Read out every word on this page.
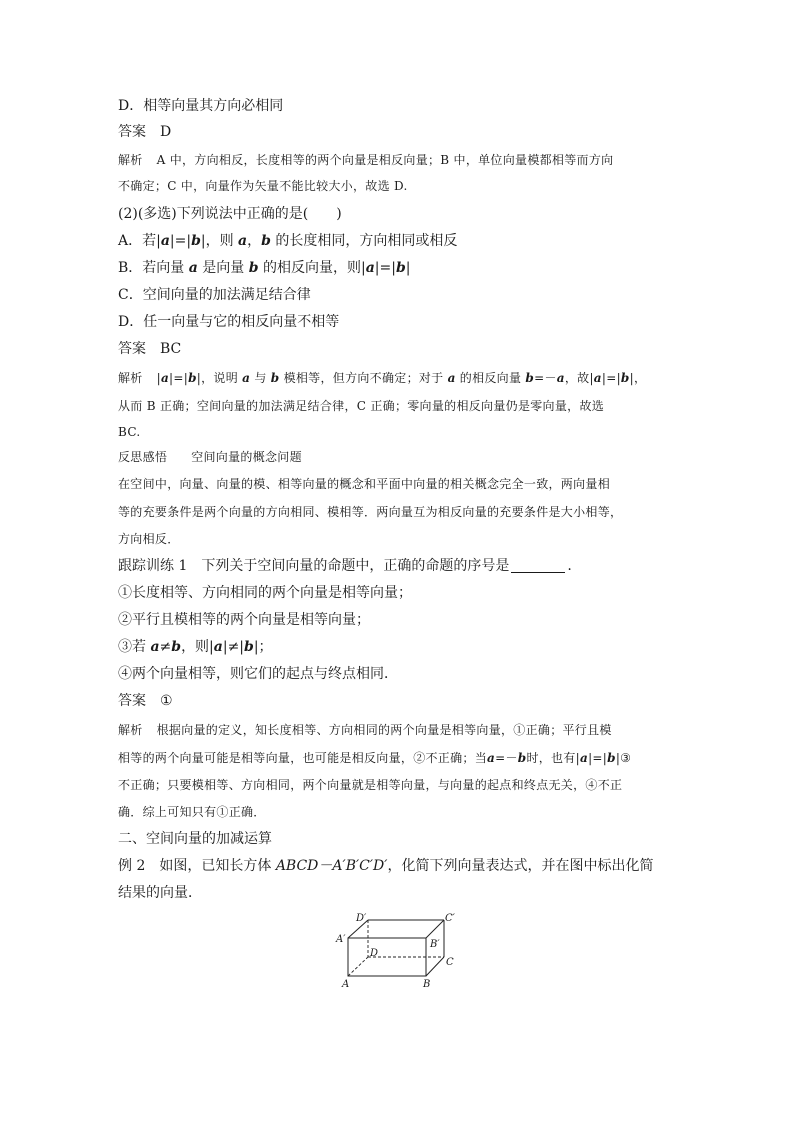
D．相等向量其方向必相同
答案 D
解析 A 中，方向相反，长度相等的两个向量是相反向量；B 中，单位向量模都相等而方向
不确定；C 中，向量作为矢量不能比较大小，故选 D.
(2)(多选)下列说法中正确的是(　　)
A．若|a|=|b|，则 a，b 的长度相同，方向相同或相反
B．若向量 a 是向量 b 的相反向量，则|a|=|b|
C．空间向量的加法满足结合律
D．任一向量与它的相反向量不相等
答案 BC
解析 |a|=|b|，说明 a 与 b 模相等，但方向不确定；对于 a 的相反向量 b=－a，故|a|=|b|，
从而 B 正确；空间向量的加法满足结合律，C 正确；零向量的相反向量仍是零向量，故选
BC.
反思感悟 空间向量的概念问题
在空间中，向量、向量的模、相等向量的概念和平面中向量的相关概念完全一致，两向量相
等的充要条件是两个向量的方向相同、模相等．两向量互为相反向量的充要条件是大小相等，
方向相反．
跟踪训练 1　下列关于空间向量的命题中，正确的命题的序号是	.
①长度相等、方向相同的两个向量是相等向量；
②平行且模相等的两个向量是相等向量；
③若 a≠b，则|a|≠|b|；
④两个向量相等，则它们的起点与终点相同．
答案 ①
解析 根据向量的定义，知长度相等、方向相同的两个向量是相等向量，①正确；平行且模
相等的两个向量可能是相等向量，也可能是相反向量，②不正确；当a=－b时，也有|a|=|b|③
不正确；只要模相等、方向相同，两个向量就是相等向量，与向量的起点和终点无关，④不正
确．综上可知只有①正确．
二、空间向量的加减运算
例 2　如图，已知长方体 ABCD－A′B′C′D′，化简下列向量表达式，并在图中标出化简
结果的向量．
D′	C′
A′	B′
D
C
A	B
